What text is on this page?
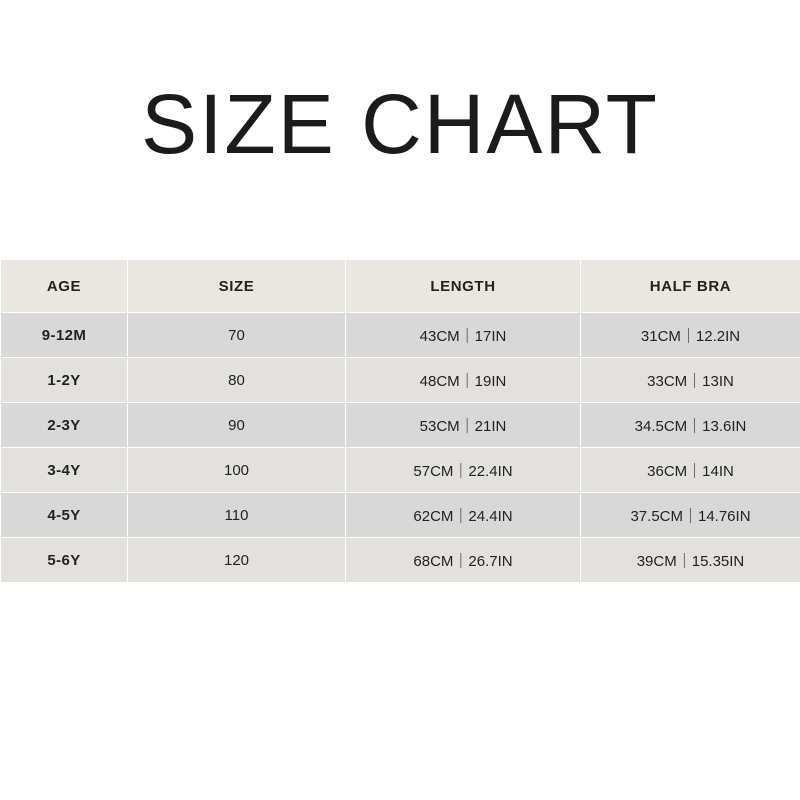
SIZE CHART
AGE	SIZE	LENGTH	HALF BRA
9-12M	70	43CM｜17IN	31CM｜12.2IN
1-2Y	80	48CM｜19IN	33CM｜13IN
2-3Y	90	53CM｜21IN	34.5CM｜13.6IN
3-4Y	100	57CM｜22.4IN	36CM｜14IN
4-5Y	110	62CM｜24.4IN	37.5CM｜14.76IN
5-6Y	120	68CM｜26.7IN	39CM｜15.35IN
